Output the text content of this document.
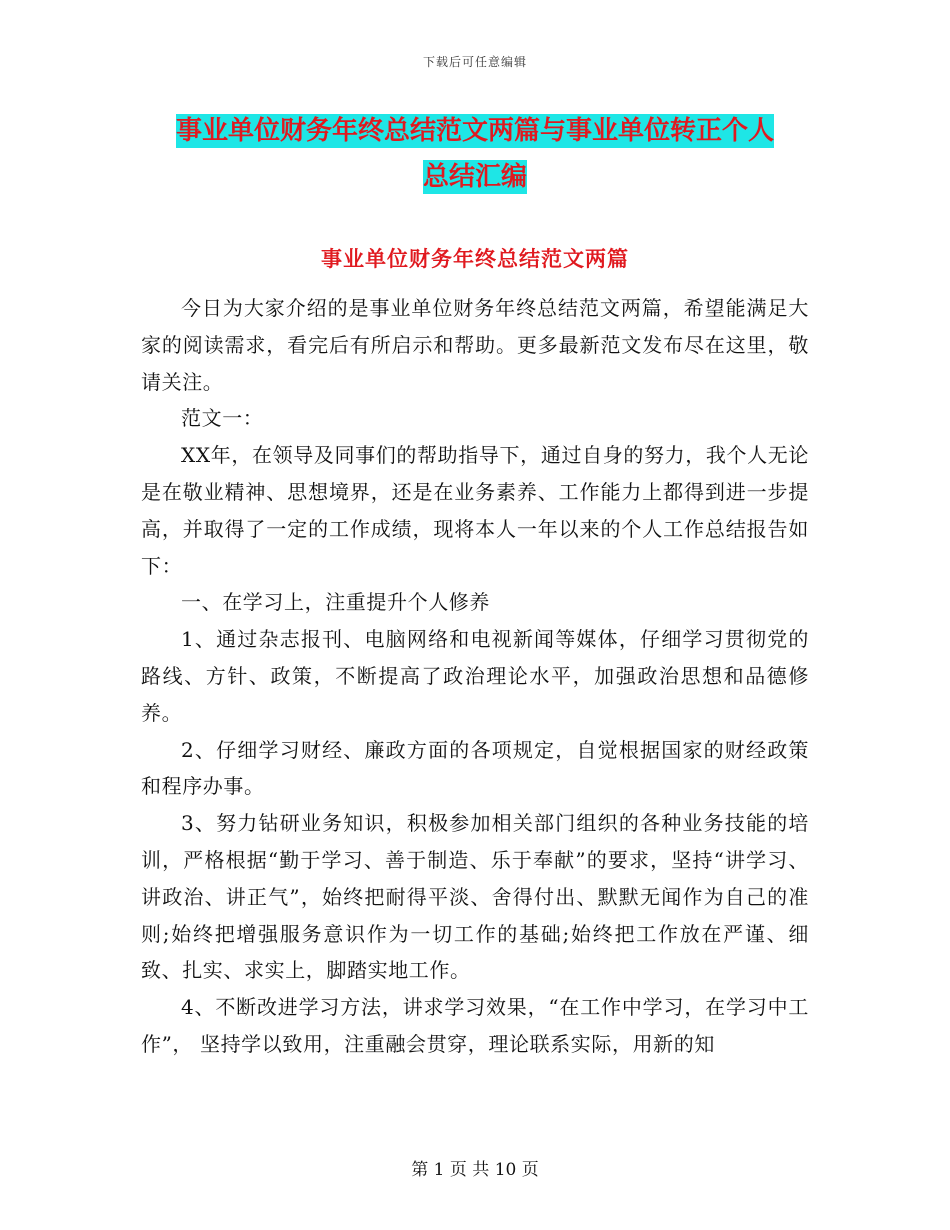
下载后可任意编辑
事业单位财务年终总结范文两篇与事业单位转正个人
总结汇编
事业单位财务年终总结范文两篇

今日为大家介绍的是事业单位财务年终总结范文两篇，希望能满足大家的阅读需求，看完后有所启示和帮助。更多最新范文发布尽在这里，敬请关注。

范文一：

XX年，在领导及同事们的帮助指导下，通过自身的努力，我个人无论是在敬业精神、思想境界，还是在业务素养、工作能力上都得到进一步提高，并取得了一定的工作成绩，现将本人一年以来的个人工作总结报告如下：

一、在学习上，注重提升个人修养

1、通过杂志报刊、电脑网络和电视新闻等媒体，仔细学习贯彻党的路线、方针、政策，不断提高了政治理论水平，加强政治思想和品德修养。

2、仔细学习财经、廉政方面的各项规定，自觉根据国家的财经政策和程序办事。

3、努力钻研业务知识，积极参加相关部门组织的各种业务技能的培训，严格根据“勤于学习、善于制造、乐于奉献”的要求，坚持“讲学习、讲政治、讲正气”，始终把耐得平淡、舍得付出、默默无闻作为自己的准则;始终把增强服务意识作为一切工作的基础;始终把工作放在严谨、细致、扎实、求实上，脚踏实地工作。

4、不断改进学习方法，讲求学习效果，“在工作中学习，在学习中工作”， 坚持学以致用，注重融会贯穿，理论联系实际，用新的知

第 1 页 共 10 页
